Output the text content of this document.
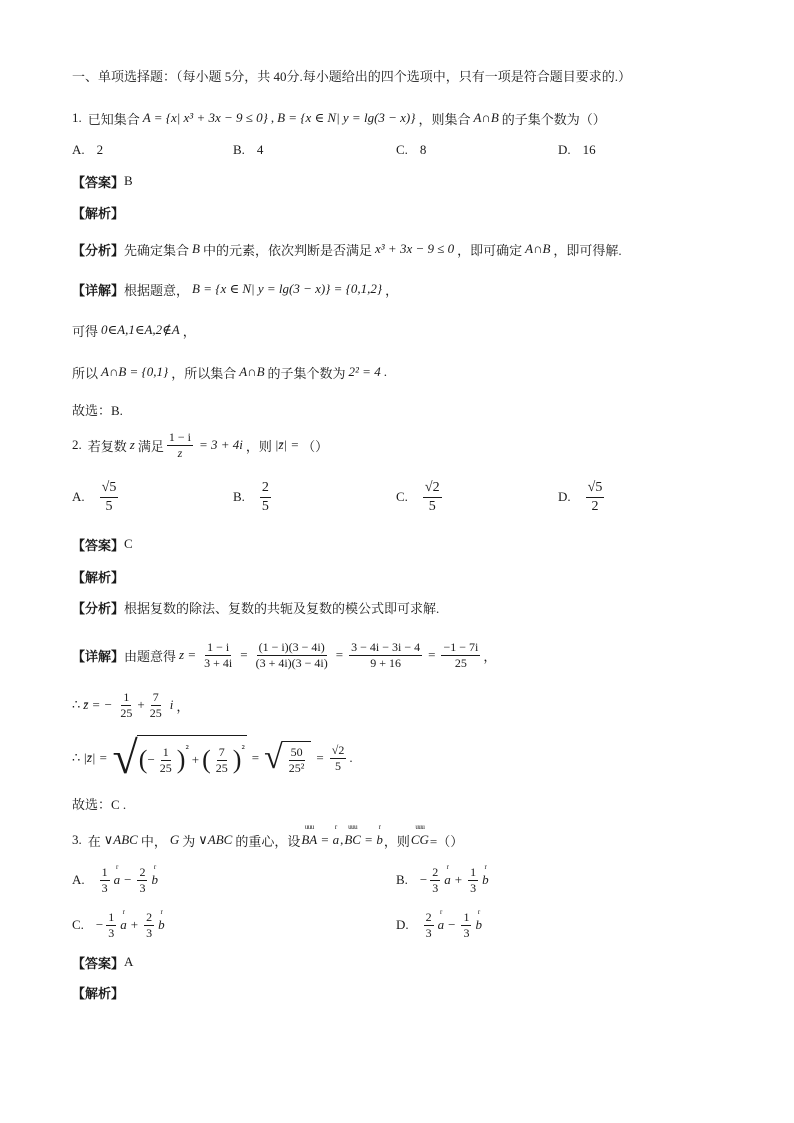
一、单项选择题：（每小题 5分，共 40分.每小题给出的四个选项中，只有一项是符合题目要求的.）
1. 已知集合 A = {x| x³ + 3x − 9 ≤ 0} , B = {x ∈ N| y = lg(3 − x)} ，则集合 A∩B 的子集个数为（）
A. 2	B. 4	C. 8	D. 16
【答案】 B
【解析】
【分析】 先确定集合 B 中的元素，依次判断是否满足 x³ + 3x − 9 ≤ 0 ，即可确定 A∩B ，即可得解.
【详解】 根据题意， B = {x ∈ N| y = lg(3 − x)} = {0,1,2} ，
可得 0∈A,1∈A,2∉A ，
所以 A∩B = {0,1} ，所以集合 A∩B 的子集个数为 2² = 4 .
故选：B.
2. 若复数 z 满足 $\frac{1 - i}{z} = 3 + 4i$ ，则 |z̄| = （）
A. $\frac{√5}{5}$	B. $\frac{2}{5}$	C. $\frac{√2}{5}$	D. $\frac{√5}{2}$
【答案】 C
【解析】
【分析】 根据复数的除法、复数的共轭及复数的模公式即可求解.
【详解】 由题意得 $z = \frac{1 - i}{3 + 4i} = \frac{(1 - i)(3 - 4i)}{(3 + 4i)(3 - 4i)} = \frac{3 - 4i - 3i - 4}{9 + 16} = \frac{-1 - 7i}{25}$ ，
∴ z̄ = − $\frac{1}{25} + \frac{7}{25}$ i ，
∴ |z̄| = √ ( − $\frac{1}{25}$ ) ²
+ ( $\frac{7}{25}$ ) ²
= √ $\frac{50}{\text{25²}} = \frac{√2}{5}$ .
故选：C .
3. 在 ∨ABC 中， G 为 ∨ABC 的重心，设
uuu
BA =
r
a ,
uuu
BC =
r
b ，则
uuu
CG =（）
A. $\frac{1}{3}$ r
$a - \frac{2}{3}$ r
b	B. − $\frac{2}{3}$ r
$a + \frac{1}{3}$ r
b
C. − $\frac{1}{3}$ r
$a + \frac{2}{3}$ r
b	D. $\frac{2}{3}$ r
$a - \frac{1}{3}$ r
b
【答案】 A
【解析】
